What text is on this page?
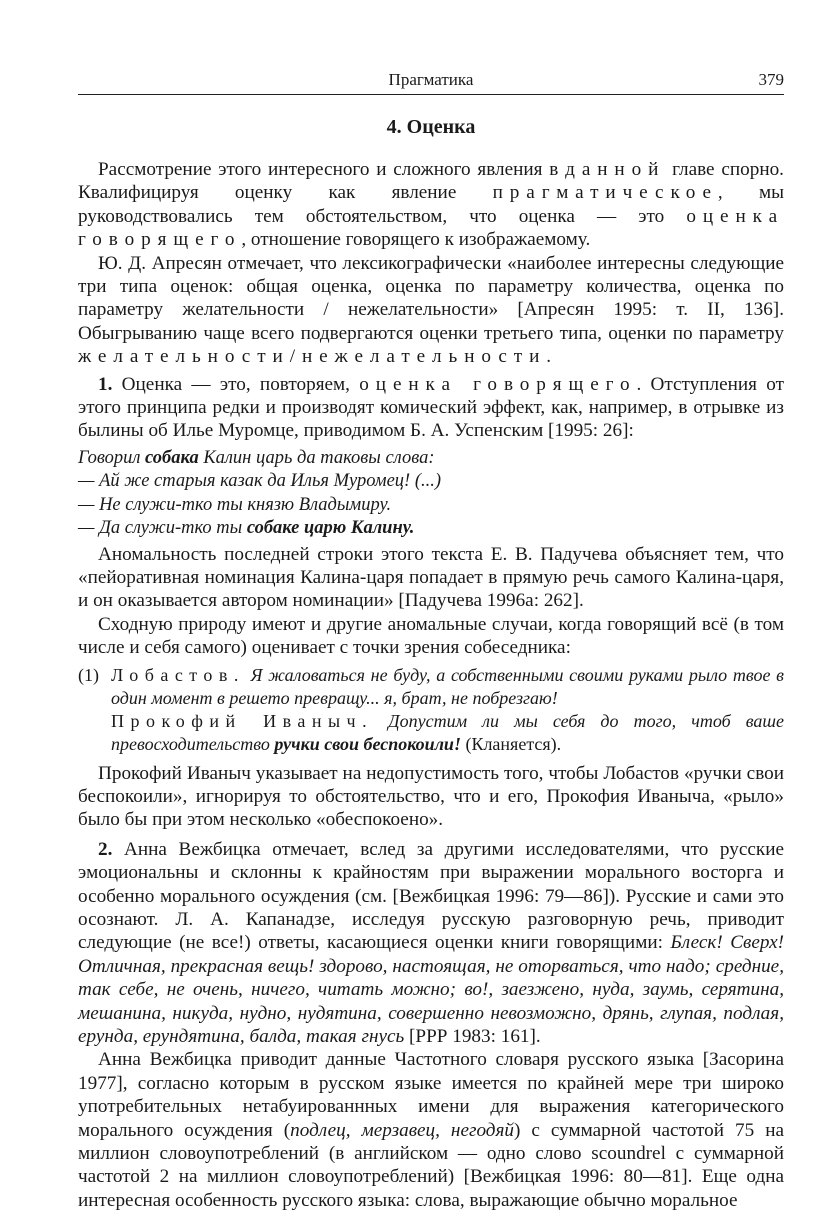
Прагматика	379
4. Оценка

Рассмотрение этого интересного и сложного явления в данной главе спорно. Квалифицируя оценку как явление прагматическое, мы руководствовались тем обстоятельством, что оценка — это оценка говорящего, отношение говорящего к изображаемому.

Ю. Д. Апресян отмечает, что лексикографически «наиболее интересны следующие три типа оценок: общая оценка, оценка по параметру количества, оценка по параметру желательности / нежелательности» [Апресян 1995: т. II, 136]. Обыгрыванию чаще всего подвергаются оценки третьего типа, оценки по параметру желательности/нежелательности.

1. Оценка — это, повторяем, оценка говорящего. Отступления от этого принципа редки и производят комический эффект, как, например, в отрывке из былины об Илье Муромце, приводимом Б. А. Успенским [1995: 26]:

Говорил собака Калин царь да таковы слова:
— Ай же старыя казак да Илья Муромец! (...)
— Не служи-тко ты князю Владымиру.
— Да служи-тко ты собаке царю Калину.

Аномальность последней строки этого текста Е. В. Падучева объясняет тем, что «пейоративная номинация Калина-царя попадает в прямую речь самого Калина-царя, и он оказывается автором номинации» [Падучева 1996а: 262].

Сходную природу имеют и другие аномальные случаи, когда говорящий всё (в том числе и себя самого) оценивает с точки зрения собеседника:

(1) Лобастов. Я жаловаться не буду, а собственными своими руками рыло твое в один момент в решето превращу... я, брат, не побрезгаю!
Прокофий Иваныч. Допустим ли мы себя до того, чтоб ваше превосходительство ручки свои беспокоили! (Кланяется).

Прокофий Иваныч указывает на недопустимость того, чтобы Лобастов «ручки свои беспокоили», игнорируя то обстоятельство, что и его, Прокофия Иваныча, «рыло» было бы при этом несколько «обеспокоено».

2. Анна Вежбицка отмечает, вслед за другими исследователями, что русские эмоциональны и склонны к крайностям при выражении морального восторга и особенно морального осуждения (см. [Вежбицкая 1996: 79—86]). Русские и сами это осознают. Л. А. Капанадзе, исследуя русскую разговорную речь, приводит следующие (не все!) ответы, касающиеся оценки книги говорящими: Блеск! Сверх! Отличная, прекрасная вещь! здорово, настоящая, не оторваться, что надо; средние, так себе, не очень, ничего, читать можно; во!, заезжено, нуда, заумь, серятина, мешанина, никуда, нудно, нудятина, совершенно невозможно, дрянь, глупая, подлая, ерунда, ерундятина, балда, такая гнусь [РРР 1983: 161].

Анна Вежбицка приводит данные Частотного словаря русского языка [Засорина 1977], согласно которым в русском языке имеется по крайней мере три широко употребительных нетабуированнных имени для выражения категорического морального осуждения (подлец, мерзавец, негодяй) с суммарной частотой 75 на миллион словоупотреблений (в английском — одно слово scoundrel с суммарной частотой 2 на миллион словоупотреблений) [Вежбицкая 1996: 80—81]. Еще одна интересная особенность русского языка: слова, выражающие обычно моральное
